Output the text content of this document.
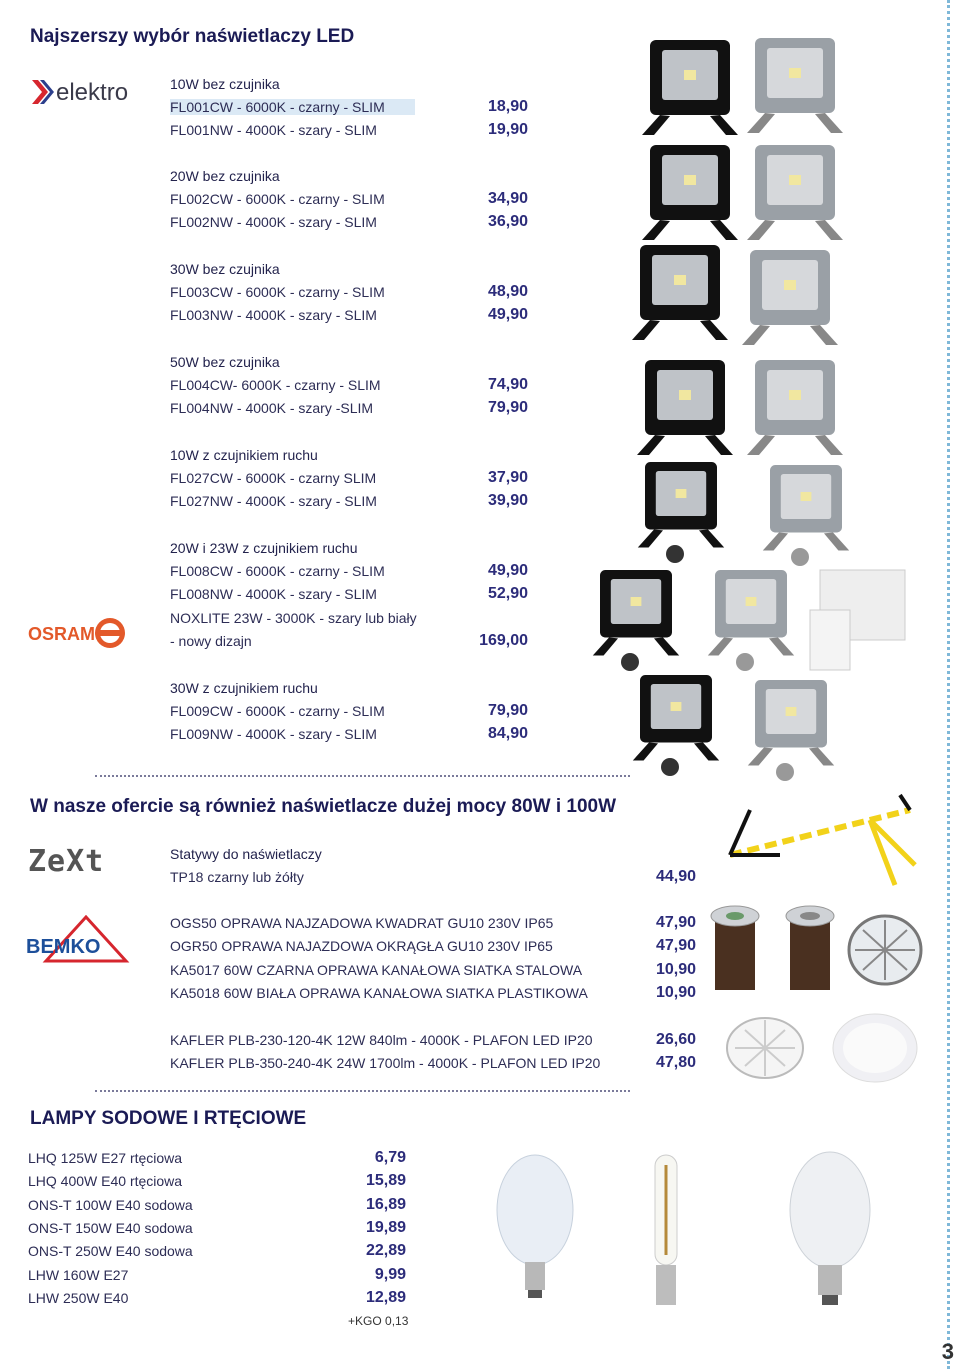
Najszerszy wybór naświetlaczy LED
elektro	10W bez czujnika
FL001CW - 6000K - czarny - SLIM	18,90
FL001NW - 4000K - szary - SLIM	19,90
20W bez czujnika
FL002CW - 6000K - czarny - SLIM	34,90
FL002NW - 4000K - szary - SLIM	36,90
30W bez czujnika
FL003CW - 6000K - czarny - SLIM	48,90
FL003NW - 4000K - szary - SLIM	49,90
50W bez czujnika
FL004CW- 6000K - czarny - SLIM	74,90
FL004NW - 4000K - szary -SLIM	79,90
10W z czujnikiem ruchu
FL027CW - 6000K - czarny SLIM	37,90
FL027NW - 4000K - szary - SLIM	39,90
20W i 23W z czujnikiem ruchu
FL008CW - 6000K - czarny - SLIM	49,90
FL008NW - 4000K - szary - SLIM	52,90
NOXLITE 23W - 3000K - szary lub biały
- nowy dizajn	169,00
30W z czujnikiem ruchu
FL009CW - 6000K - czarny - SLIM	79,90
FL009NW - 4000K - szary - SLIM	84,90
OSRAM
W nasze ofercie są również naświetlacze dużej mocy 80W i 100W
ZeXt	Statywy do naświetlaczy
TP18 czarny lub żółty	44,90
BEMKO
OGS50 OPRAWA NAJZADOWA KWADRAT GU10 230V IP65	47,90
OGR50 OPRAWA NAJAZDOWA OKRĄGŁA GU10 230V IP65	47,90
KA5017 60W CZARNA OPRAWA KANAŁOWA SIATKA STALOWA	10,90
KA5018 60W BIAŁA OPRAWA KANAŁOWA SIATKA PLASTIKOWA	10,90
KAFLER PLB-230-120-4K 12W 840lm - 4000K - PLAFON LED IP20	26,60
KAFLER PLB-350-240-4K 24W 1700lm - 4000K - PLAFON LED IP20	47,80
LAMPY SODOWE I RTĘCIOWE
LHQ 125W E27 rtęciowa	6,79
LHQ 400W E40 rtęciowa	15,89
ONS-T 100W E40 sodowa	16,89
ONS-T 150W E40 sodowa	19,89
ONS-T 250W E40 sodowa	22,89
LHW 160W E27	9,99
LHW 250W E40	12,89
+KGO 0,13
3
